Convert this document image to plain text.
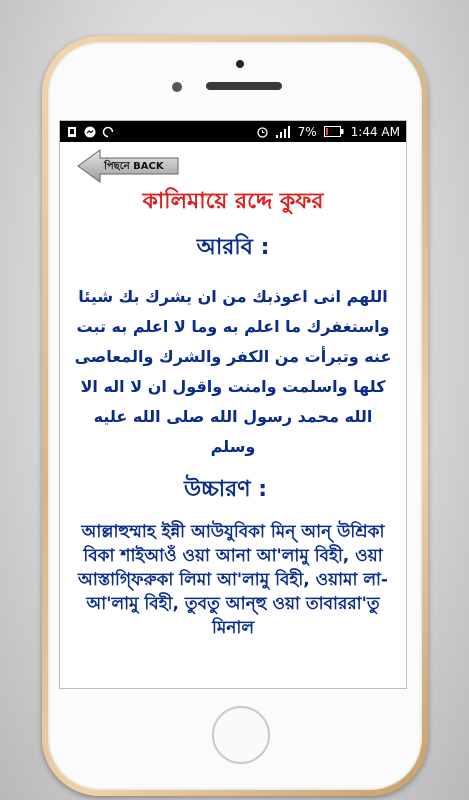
7%	1:44 AM
পিছনে BACK
কালিমায়ে রদ্দে কুফর
আরবি :
اللهم انى اعوذبك من ان يشرك بك شيئا واستغفرك ما اعلم به وما لا اعلم به تبت عنه وتبرأت من الكفر والشرك والمعاصى كلها واسلمت وامنت واقول ان لا اله الا الله محمد رسول الله صلى الله عليه وسلم
উচ্চারণ :
আল্লাহুম্মাহ ইন্নী আউযুবিকা মিন্ আন্ উশ্রিকা বিকা শাইআওঁ ওয়া আনা আ'লামু বিহী, ওয়া আস্তাগ্ফিরুকা লিমা আ'লামু বিহী, ওয়ামা লা-আ'লামু বিহী, তুবতু আন্হু ওয়া তাবাররা'তু মিনাল
